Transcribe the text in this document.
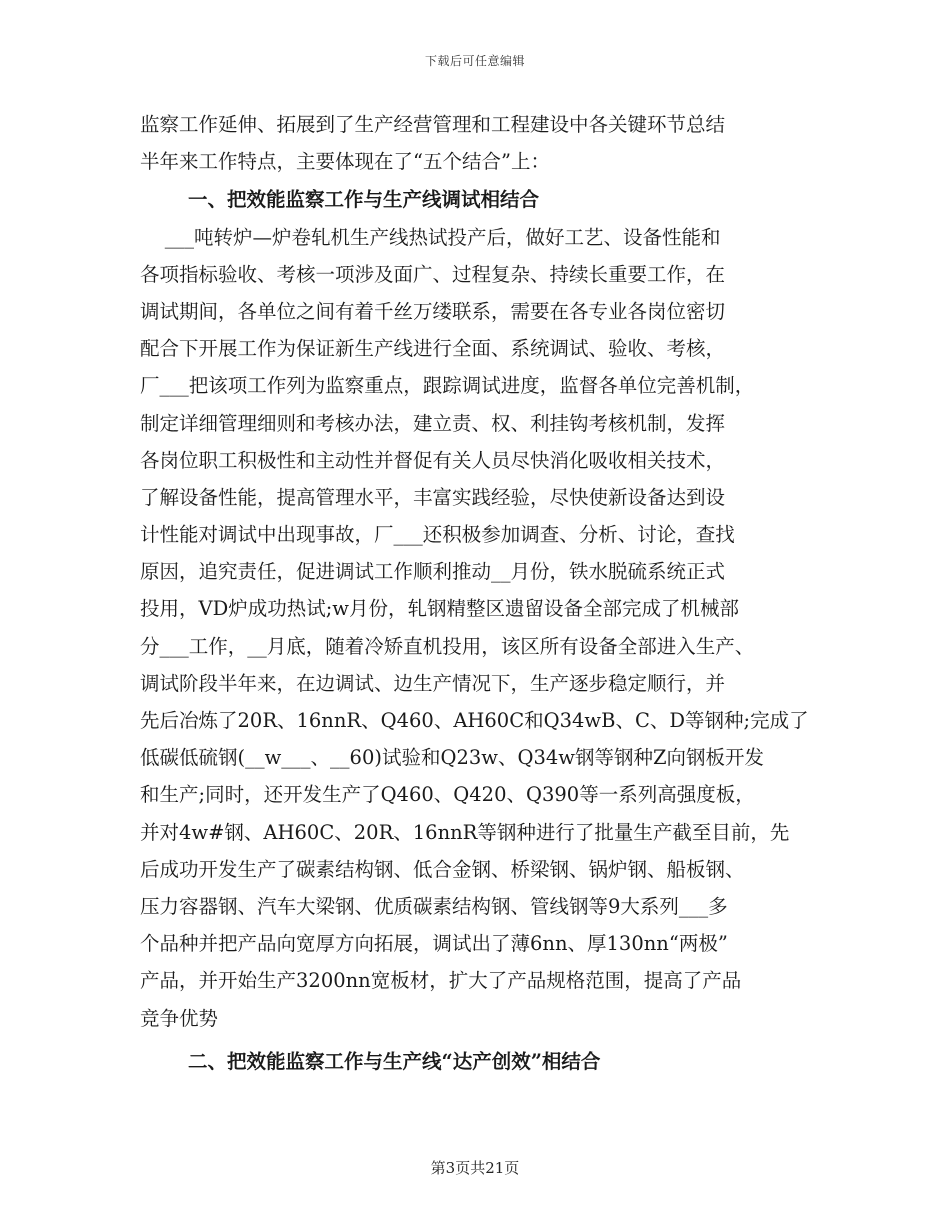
下载后可任意编辑
监察工作延伸、拓展到了生产经营管理和工程建设中各关键环节总结
半年来工作特点，主要体现在了“五个结合”上：
一、把效能监察工作与生产线调试相结合
___吨转炉—炉卷轧机生产线热试投产后，做好工艺、设备性能和
各项指标验收、考核一项涉及面广、过程复杂、持续长重要工作，在
调试期间，各单位之间有着千丝万缕联系，需要在各专业各岗位密切
配合下开展工作为保证新生产线进行全面、系统调试、验收、考核，
厂___把该项工作列为监察重点，跟踪调试进度，监督各单位完善机制，
制定详细管理细则和考核办法，建立责、权、利挂钩考核机制，发挥
各岗位职工积极性和主动性并督促有关人员尽快消化吸收相关技术，
了解设备性能，提高管理水平，丰富实践经验，尽快使新设备达到设
计性能对调试中出现事故，厂___还积极参加调查、分析、讨论，查找
原因，追究责任，促进调试工作顺利推动__月份，铁水脱硫系统正式
投用，VD炉成功热试;w月份，轧钢精整区遗留设备全部完成了机械部
分___工作，__月底，随着冷矫直机投用，该区所有设备全部进入生产、
调试阶段半年来，在边调试、边生产情况下，生产逐步稳定顺行，并
先后冶炼了20R、16nnR、Q460、AH60C和Q34wB、C、D等钢种;完成了
低碳低硫钢(__w___、__60)试验和Q23w、Q34w钢等钢种Z向钢板开发
和生产;同时，还开发生产了Q460、Q420、Q390等一系列高强度板，
并对4w#钢、AH60C、20R、16nnR等钢种进行了批量生产截至目前，先
后成功开发生产了碳素结构钢、低合金钢、桥梁钢、锅炉钢、船板钢、
压力容器钢、汽车大梁钢、优质碳素结构钢、管线钢等9大系列___多
个品种并把产品向宽厚方向拓展，调试出了薄6nn、厚130nn“两极”
产品，并开始生产3200nn宽板材，扩大了产品规格范围，提高了产品
竞争优势
二、把效能监察工作与生产线“达产创效”相结合
第3页共21页
